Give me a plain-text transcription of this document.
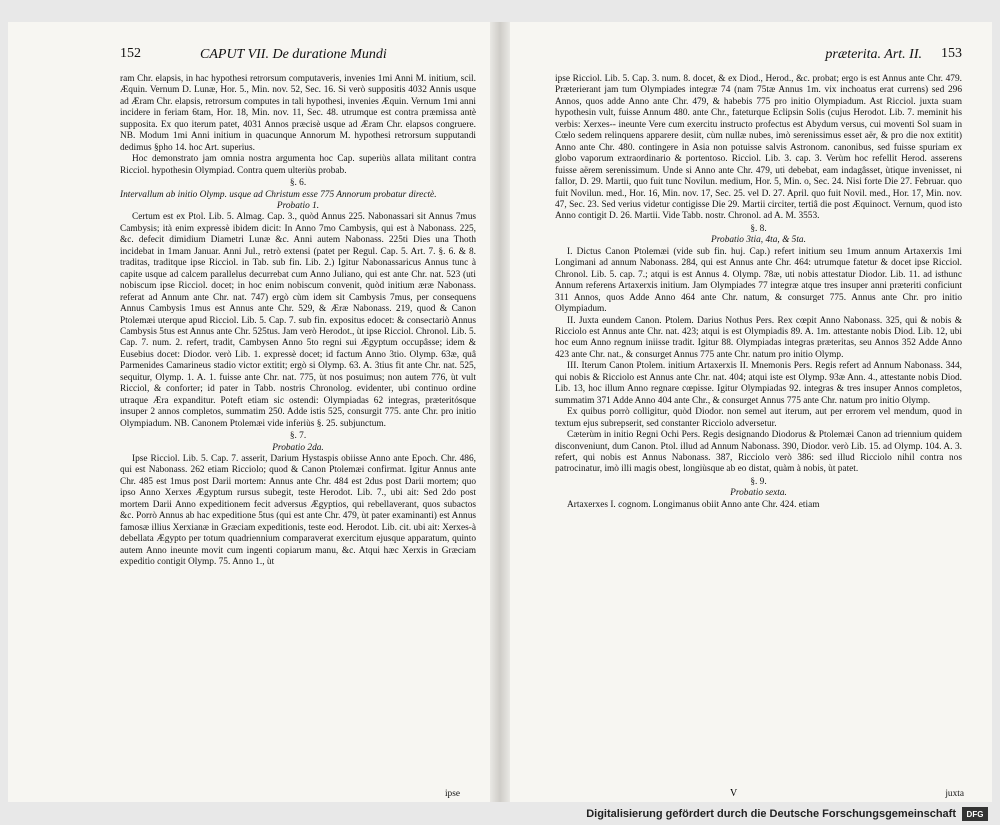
152	CAPUT VII. De duratione Mundi

ram Chr. elapsis, in hac hypothesi retrorsum computaveris, invenies 1mi Anni M. initium, scil. Æquin. Vernum D. Lunæ, Hor. 5., Min. nov. 52, Sec. 16. Si verò suppositis 4032 Annis usque ad Æram Chr. elapsis, retrorsum computes in tali hypothesi, invenies Æquin. Vernum 1mi anni incidere in feriam 6tam, Hor. 18, Min. nov. 11, Sec. 48. utrumque est contra præmissa antè supposita. Ex quo iterum patet, 4031 Annos præcisè usque ad Æram Chr. elapsos congruere. NB. Modum 1mi Anni initium in quacunque Annorum M. hypothesi retrorsum supputandi dedimus §pho 14. hoc Art. superius.

Hoc demonstrato jam omnia nostra argumenta hoc Cap. superiùs allata militant contra Ricciol. hypothesin Olympiad. Contra quem ulteriùs probab.

§. 6.

Intervallum ab initio Olymp. usque ad Christum esse 775 Annorum probatur directè.

Probatio 1.

Certum est ex Ptol. Lib. 5. Almag. Cap. 3., quòd Annus 225. Nabonassari sit Annus 7mus Cambysis; ità enim expressè ibidem dicit: In Anno 7mo Cambysis, qui est à Nabonass. 225, &c. defecit dimidium Diametri Lunæ &c. Anni autem Nabonass. 225ti Dies una Thoth incidebat in 1mam Januar. Anni Jul., retrò extensi (patet per Regul. Cap. 5. Art. 7. §. 6. & 8. traditas, traditque ipse Ricciol. in Tab. sub fin. Lib. 2.) Igitur Nabonassaricus Annus tunc à capite usque ad calcem parallelus decurrebat cum Anno Juliano, qui est ante Chr. nat. 523 (uti nobiscum ipse Ricciol. docet; in hoc enim nobiscum convenit, quòd initium æræ Nabonass. referat ad Annum ante Chr. nat. 747) ergò cùm idem sit Cambysis 7mus, per consequens Annus Cambysis 1mus est Annus ante Chr. 529, & Æræ Nabonass. 219, quod & Canon Ptolemæi uterque apud Ricciol. Lib. 5. Cap. 7. sub fin. expositus edocet: & consectariò Annus Cambysis 5tus est Annus ante Chr. 525tus. Jam verò Herodot., ùt ipse Ricciol. Chronol. Lib. 5. Cap. 7. num. 2. refert, tradit, Cambysen Anno 5to regni sui Ægyptum occupâsse; idem & Eusebius docet: Diodor. verò Lib. 1. expressè docet; id factum Anno 3tio. Olymp. 63æ, quâ Parmenides Camarineus stadio victor extitit; ergò si Olymp. 63. A. 3tius fit ante Chr. nat. 525, sequitur, Olymp. 1. A. 1. fuisse ante Chr. nat. 775, ùt nos posuimus; non autem 776, ùt vult Ricciol, & conforter; id pater in Tabb. nostris Chronolog. evidenter, ubi continuo ordine utraque Æra expanditur. Poteft etiam sic ostendi: Olympiadas 62 integras, præteritósque insuper 2 annos completos, summatim 250. Adde istis 525, consurgit 775. ante Chr. pro initio Olympiadum. NB. Canonem Ptolemæi vide inferiùs §. 25. subjunctum.

§. 7.

Probatio 2da.

Ipse Ricciol. Lib. 5. Cap. 7. asserit, Darium Hystaspis obiisse Anno ante Epoch. Chr. 486, qui est Nabonass. 262 etiam Ricciolo; quod & Canon Ptolemæi confirmat. Igitur Annus ante Chr. 485 est 1mus post Darii mortem: Annus ante Chr. 484 est 2dus post Darii mortem; quo ipso Anno Xerxes Ægyptum rursus subegit, teste Herodot. Lib. 7., ubi ait: Sed 2do post mortem Darii Anno expeditionem fecit adversus Ægyptios, qui rebellaverant, quos subactos &c. Porrò Annus ab hac expeditione 5tus (qui est ante Chr. 479, ùt pater examinanti) est Annus famosæ illius Xerxianæ in Græciam expeditionis, teste eod. Herodot. Lib. cit. ubi ait: Xerxes-à debellata Ægypto per totum quadriennium comparaverat exercitum ejusque apparatum, quinto autem Anno ineunte movit cum ingenti copiarum manu, &c. Atqui hæc Xerxis in Græciam expeditio contigit Olymp. 75. Anno 1., ùt

ipse
præterita. Art. II. 153

ipse Ricciol. Lib. 5. Cap. 3. num. 8. docet, & ex Diod., Herod., &c. probat; ergo is est Annus ante Chr. 479. Præterierant jam tum Olympiades integræ 74 (nam 75tæ Annus 1m. vix inchoatus erat currens) sed 296 Annos, quos adde Anno ante Chr. 479, & habebis 775 pro initio Olympiadum. Ast Ricciol. juxta suam hypothesin vult, fuisse Annum 480. ante Chr., fateturque Eclipsin Solis (cujus Herodot. Lib. 7. meminit his verbis: Xerxes-- ineunte Vere cum exercitu instructo profectus est Abydum versus, cui moventi Sol suam in Cœlo sedem relinquens apparere desiit, cùm nullæ nubes, imò serenissimus esset aër, & pro die nox extitit) Anno ante Chr. 480. contingere in Asia non potuisse salvis Astronom. canonibus, sed fuisse spuriam ex globo vaporum extraordinario & portentoso. Ricciol. Lib. 3. cap. 3. Verùm hoc refellit Herod. asserens fuisse aërem serenissimum. Unde si Anno ante Chr. 479, uti debebat, eam indagâsset, ùtique invenisset, ni fallor, D. 29. Martii, quo fuit tunc Novilun. medium, Hor. 5, Min. o, Sec. 24. Nisi forte Die 27. Februar. quo fuit Novilun. med., Hor. 16, Min. nov. 17, Sec. 25. vel D. 27. April. quo fuit Novil. med., Hor. 17, Min. nov. 47, Sec. 23. Sed verius videtur contigisse Die 29. Martii circiter, tertiâ die post Æquinoct. Vernum, quod isto Anno contigit D. 26. Martii. Vide Tabb. nostr. Chronol. ad A. M. 3553.

§. 8.

Probatio 3tia, 4ta, & 5ta.

I. Dictus Canon Ptolemæi (vide sub fin. huj. Cap.) refert initium seu 1mum annum Artaxerxis 1mi Longimani ad annum Nabonass. 284, qui est Annus ante Chr. 464: utrumque fatetur & docet ipse Ricciol. Chronol. Lib. 5. cap. 7.; atqui is est Annus 4. Olymp. 78æ, uti nobis attestatur Diodor. Lib. 11. ad isthunc Annum referens Artaxerxis initium. Jam Olympiades 77 integræ atque tres insuper anni præteriti conficiunt 311 Annos, quos Adde Anno 464 ante Chr. natum, & consurget 775. Annus ante Chr. pro initio Olympiadum.

II. Juxta eundem Canon. Ptolem. Darius Nothus Pers. Rex cœpit Anno Nabonass. 325, qui & nobis & Ricciolo est Annus ante Chr. nat. 423; atqui is est Olympiadis 89. A. 1m. attestante nobis Diod. Lib. 12, ubi hoc eum Anno regnum iniisse tradit. Igitur 88. Olympiadas integras præteritas, seu Annos 352 Adde Anno 423 ante Chr. nat., & consurget Annus 775 ante Chr. natum pro initio Olymp.

III. Iterum Canon Ptolem. initium Artaxerxis II. Mnemonis Pers. Regis refert ad Annum Nabonass. 344, qui nobis & Ricciolo est Annus ante Chr. nat. 404; atqui iste est Olymp. 93æ Ann. 4., attestante nobis Diod. Lib. 13, hoc illum Anno regnare cœpisse. Igitur Olympiadas 92. integras & tres insuper Annos completos, summatim 371 Adde Anno 404 ante Chr., & consurget Annus 775 ante Chr. natum pro initio Olymp.

Ex quibus porrò colligitur, quòd Diodor. non semel aut iterum, aut per errorem vel mendum, quod in textum ejus subrepserit, sed constanter Ricciolo adversetur.

Cæterùm in initio Regni Ochi Pers. Regis designando Diodorus & Ptolemæi Canon ad triennium quidem disconveniunt, dum Canon. Ptol. illud ad Annum Nabonass. 390, Diodor. verò Lib. 15. ad Olymp. 104. A. 3. refert, qui nobis est Annus Nabonass. 387, Ricciolo verò 386: sed illud Ricciolo nihil contra nos patrocinatur, imò illi magis obest, longiùsque ab eo distat, quàm à nobis, ùt patet.

§. 9.

Probatio sexta.

Artaxerxes I. cognom. Longimanus obiit Anno ante Chr. 424. etiam

V	juxta
Digitalisierung gefördert durch die Deutsche Forschungsgemeinschaft	DFG
